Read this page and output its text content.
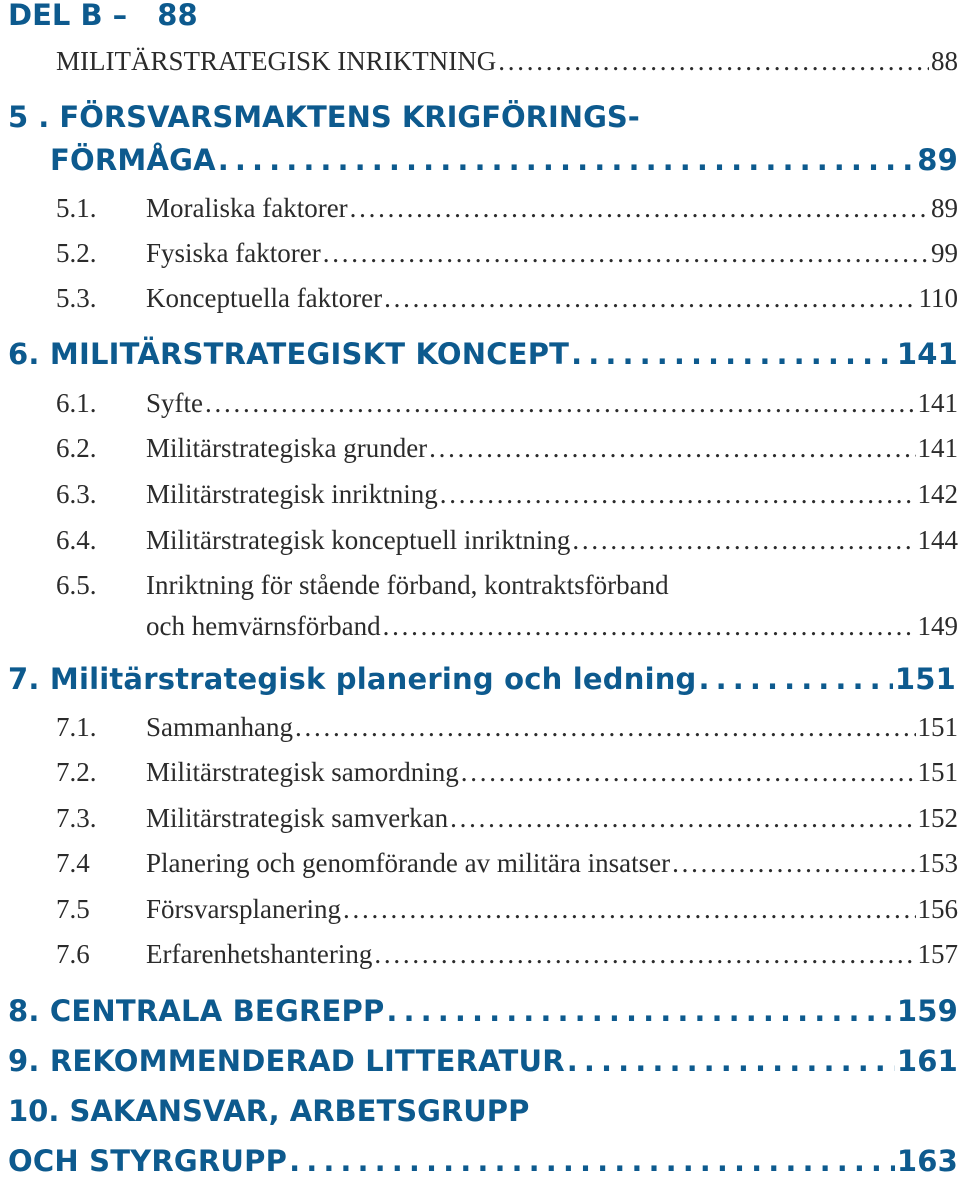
DEL B – 88
MILITÄRSTRATEGISK INRIKTNING . . .	88
5 . FÖRSVARSMAKTENS KRIGFÖRINGS-
FÖRMÅGA . . .	89
5.1. Moraliska faktorer . . .	89
5.2. Fysiska faktorer . . .	99
5.3. Konceptuella faktorer . . .	110
6. MILITÄRSTRATEGISKT KONCEPT . . .	141
6.1. Syfte . . .	141
6.2. Militärstrategiska grunder . . .	141
6.3. Militärstrategisk inriktning . . .	142
6.4. Militärstrategisk konceptuell inriktning . . .	144
6.5. Inriktning för stående förband, kontraktsförband
och hemvärnsförband . . .	149
7. Militärstrategisk planering och ledning . . .	151
7.1. Sammanhang . . .	151
7.2. Militärstrategisk samordning . . .	151
7.3. Militärstrategisk samverkan . . .	152
7.4 Planering och genomförande av militära insatser . . .	153
7.5 Försvarsplanering . . .	156
7.6 Erfarenhetshantering . . .	157
8. CENTRALA BEGREPP . . .	159
9. REKOMMENDERAD LITTERATUR . . .	161
10. SAKANSVAR, ARBETSGRUPP
OCH STYRGRUPP . . .	163
